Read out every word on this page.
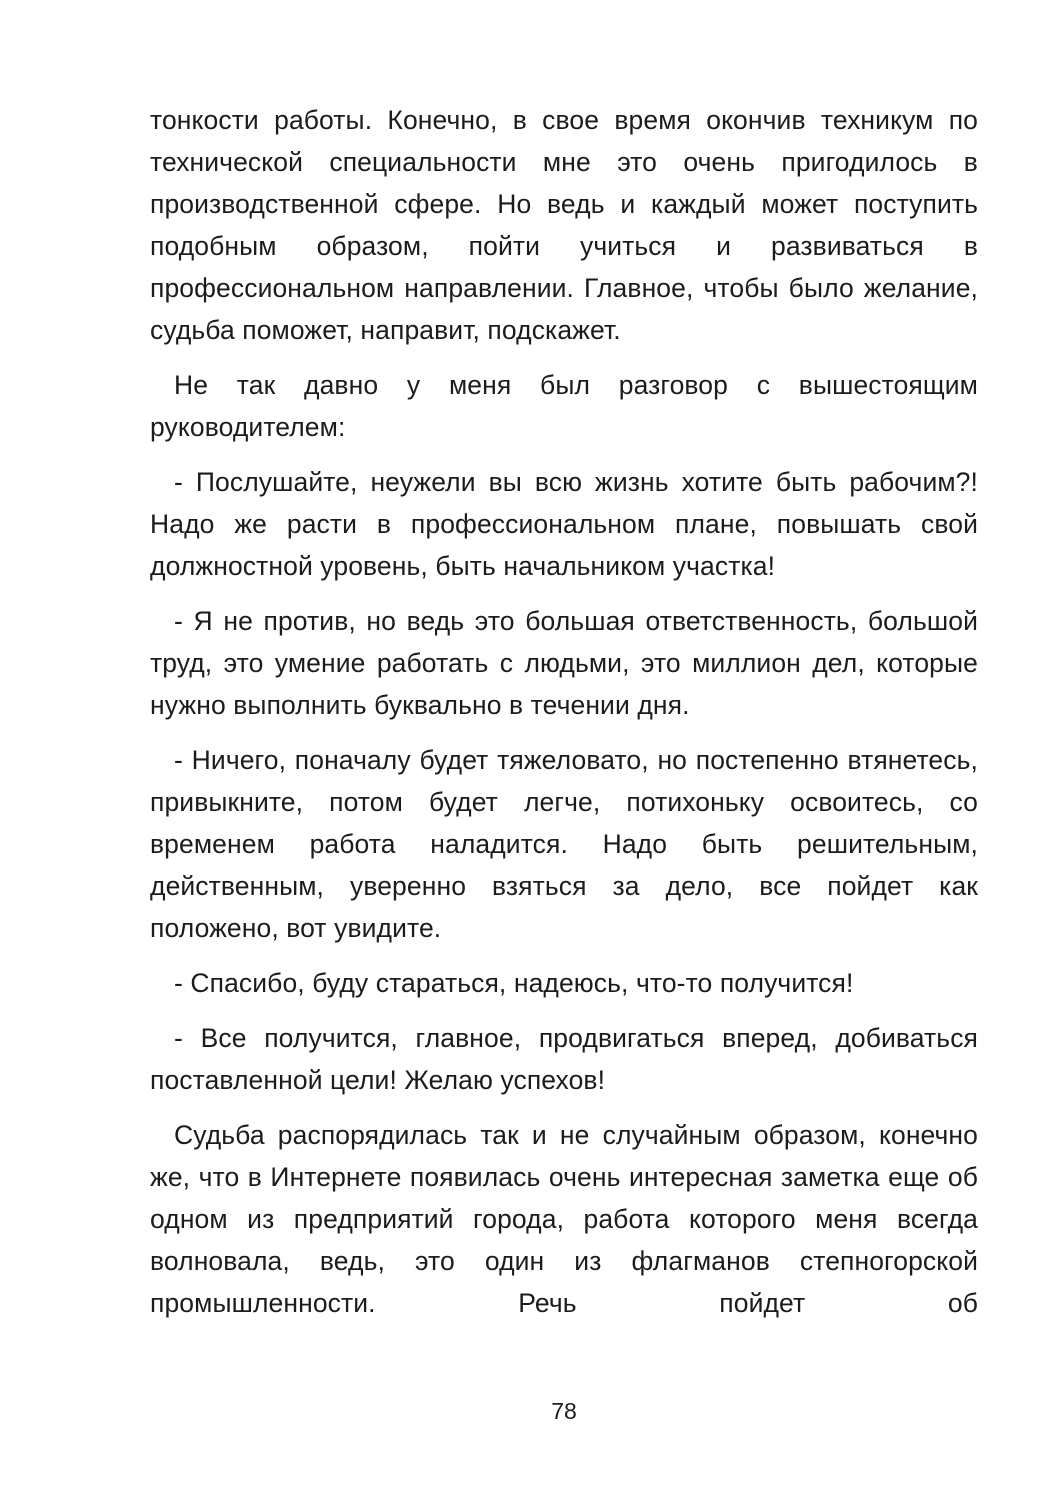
тонкости работы. Конечно, в свое время окончив техникум по технической специальности мне это очень пригодилось в производственной сфере. Но ведь и каждый может поступить подобным образом, пойти учиться и развиваться в профессиональном направлении. Главное, чтобы было желание, судьба поможет, направит, подскажет.

Не так давно у меня был разговор с вышестоящим руководителем:

- Послушайте, неужели вы всю жизнь хотите быть рабочим?! Надо же расти в профессиональном плане, повышать свой должностной уровень, быть начальником участка!

- Я не против, но ведь это большая ответственность, большой труд, это умение работать с людьми, это миллион дел, которые нужно выполнить буквально в течении дня.

- Ничего, поначалу будет тяжеловато, но постепенно втянетесь, привыкните, потом будет легче, потихоньку освоитесь, со временем работа наладится. Надо быть решительным, действенным, уверенно взяться за дело, все пойдет как положено, вот увидите.

- Спасибо, буду стараться, надеюсь, что-то получится!

- Все получится, главное, продвигаться вперед, добиваться поставленной цели! Желаю успехов!

Судьба распорядилась так и не случайным образом, конечно же, что в Интернете появилась очень интересная заметка еще об одном из предприятий города, работа которого меня всегда волновала, ведь, это один из флагманов степногорской промышленности. Речь пойдет об

78
